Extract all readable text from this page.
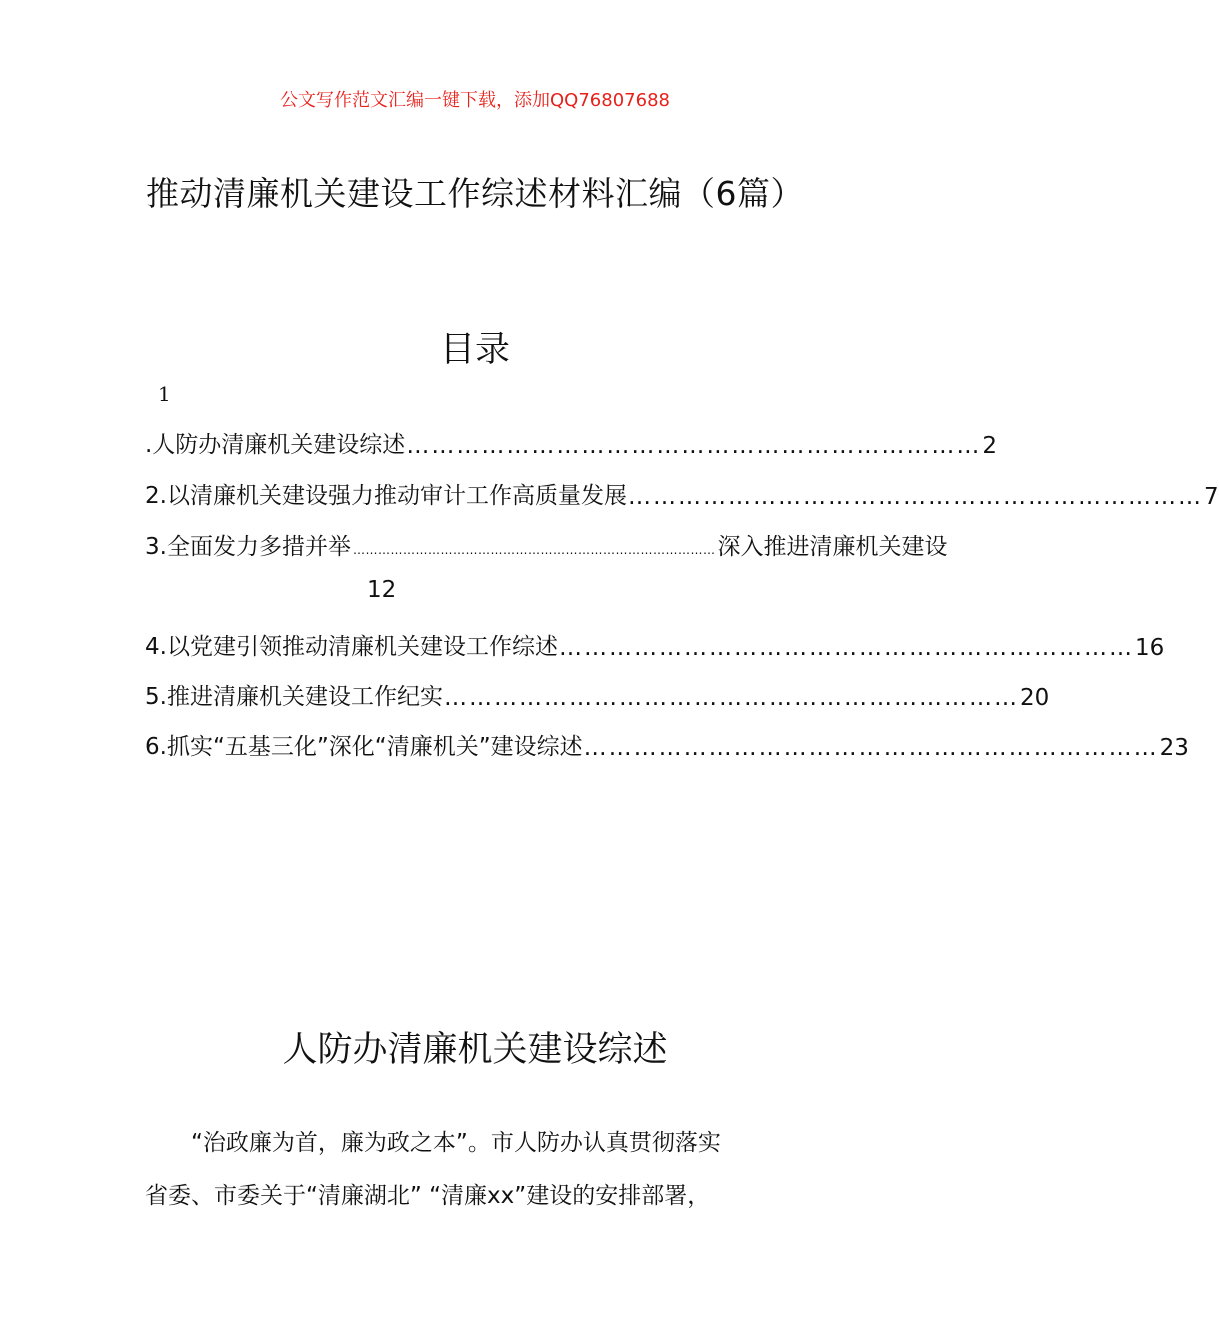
公文写作范文汇编一键下载，添加QQ76807688
推动清廉机关建设工作综述材料汇编（6篇）
目录
1
.人防办清廉机关建设综述 …………………………………………………………… 2
2.以清廉机关建设强力推动审计工作高质量发展 …………………………………………………………… 7
3.全面发力多措并举 …………………………………………………………………………… 深入推进清廉机关建设
12
4.以党建引领推动清廉机关建设工作综述 …………………………………………………………… 16
5.推进清廉机关建设工作纪实 …………………………………………………………… 20
6.抓实“五基三化”深化“清廉机关”建设综述 …………………………………………………………… 23
人防办清廉机关建设综述
“治政廉为首，廉为政之本”。市人防办认真贯彻落实
省委、市委关于“清廉湖北” “清廉xx”建设的安排部署，
